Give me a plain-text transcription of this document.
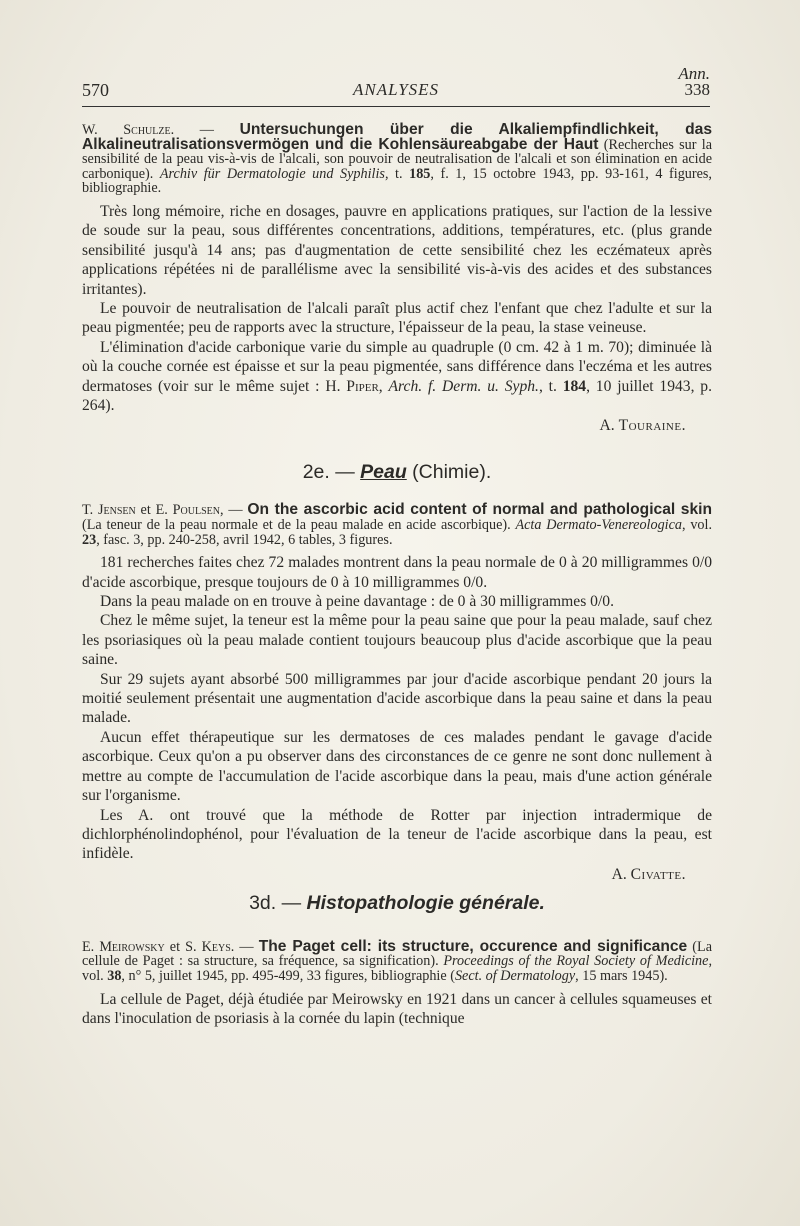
Ann.
570	ANALYSES	338
W. Schulze. — Untersuchungen über die Alkaliempfindlichkeit, das Alkalineutralisationsvermögen und die Kohlensäureabgabe der Haut (Recherches sur la sensibilité de la peau vis-à-vis de l'alcali, son pouvoir de neutralisation de l'alcali et son élimination en acide carbonique). Archiv für Dermatologie und Syphilis, t. 185, f. 1, 15 octobre 1943, pp. 93-161, 4 figures, bibliographie.

Très long mémoire, riche en dosages, pauvre en applications pratiques, sur l'action de la lessive de soude sur la peau, sous différentes concentrations, additions, températures, etc. (plus grande sensibilité jusqu'à 14 ans; pas d'augmentation de cette sensibilité chez les eczémateux après applications répétées ni de parallélisme avec la sensibilité vis-à-vis des acides et des substances irritantes).

Le pouvoir de neutralisation de l'alcali paraît plus actif chez l'enfant que chez l'adulte et sur la peau pigmentée; peu de rapports avec la structure, l'épaisseur de la peau, la stase veineuse.

L'élimination d'acide carbonique varie du simple au quadruple (0 cm. 42 à 1 m. 70); diminuée là où la couche cornée est épaisse et sur la peau pigmentée, sans différence dans l'eczéma et les autres dermatoses (voir sur le même sujet : H. Piper, Arch. f. Derm. u. Syph., t. 184, 10 juillet 1943, p. 264).

A. Touraine.
2e. — Peau (Chimie).
T. Jensen et E. Poulsen, — On the ascorbic acid content of normal and pathological skin (La teneur de la peau normale et de la peau malade en acide ascorbique). Acta Dermato-Venereologica, vol. 23, fasc. 3, pp. 240-258, avril 1942, 6 tables, 3 figures.

181 recherches faites chez 72 malades montrent dans la peau normale de 0 à 20 milligrammes 0/0 d'acide ascorbique, presque toujours de 0 à 10 milligrammes 0/0.

Dans la peau malade on en trouve à peine davantage : de 0 à 30 milligrammes 0/0.

Chez le même sujet, la teneur est la même pour la peau saine que pour la peau malade, sauf chez les psoriasiques où la peau malade contient toujours beaucoup plus d'acide ascorbique que la peau saine.

Sur 29 sujets ayant absorbé 500 milligrammes par jour d'acide ascorbique pendant 20 jours la moitié seulement présentait une augmentation d'acide ascorbique dans la peau saine et dans la peau malade.

Aucun effet thérapeutique sur les dermatoses de ces malades pendant le gavage d'acide ascorbique. Ceux qu'on a pu observer dans des circonstances de ce genre ne sont donc nullement à mettre au compte de l'accumulation de l'acide ascorbique dans la peau, mais d'une action générale sur l'organisme.

Les A. ont trouvé que la méthode de Rotter par injection intradermique de dichlorphénolindophénol, pour l'évaluation de la teneur de l'acide ascorbique dans la peau, est infidèle.

A. Civatte.
3d. — Histopathologie générale.
E. Meirowsky et S. Keys. — The Paget cell: its structure, occurence and significance (La cellule de Paget : sa structure, sa fréquence, sa signification). Proceedings of the Royal Society of Medicine, vol. 38, n° 5, juillet 1945, pp. 495-499, 33 figures, bibliographie (Sect. of Dermatology, 15 mars 1945).

La cellule de Paget, déjà étudiée par Meirowsky en 1921 dans un cancer à cellules squameuses et dans l'inoculation de psoriasis à la cornée du lapin (technique
